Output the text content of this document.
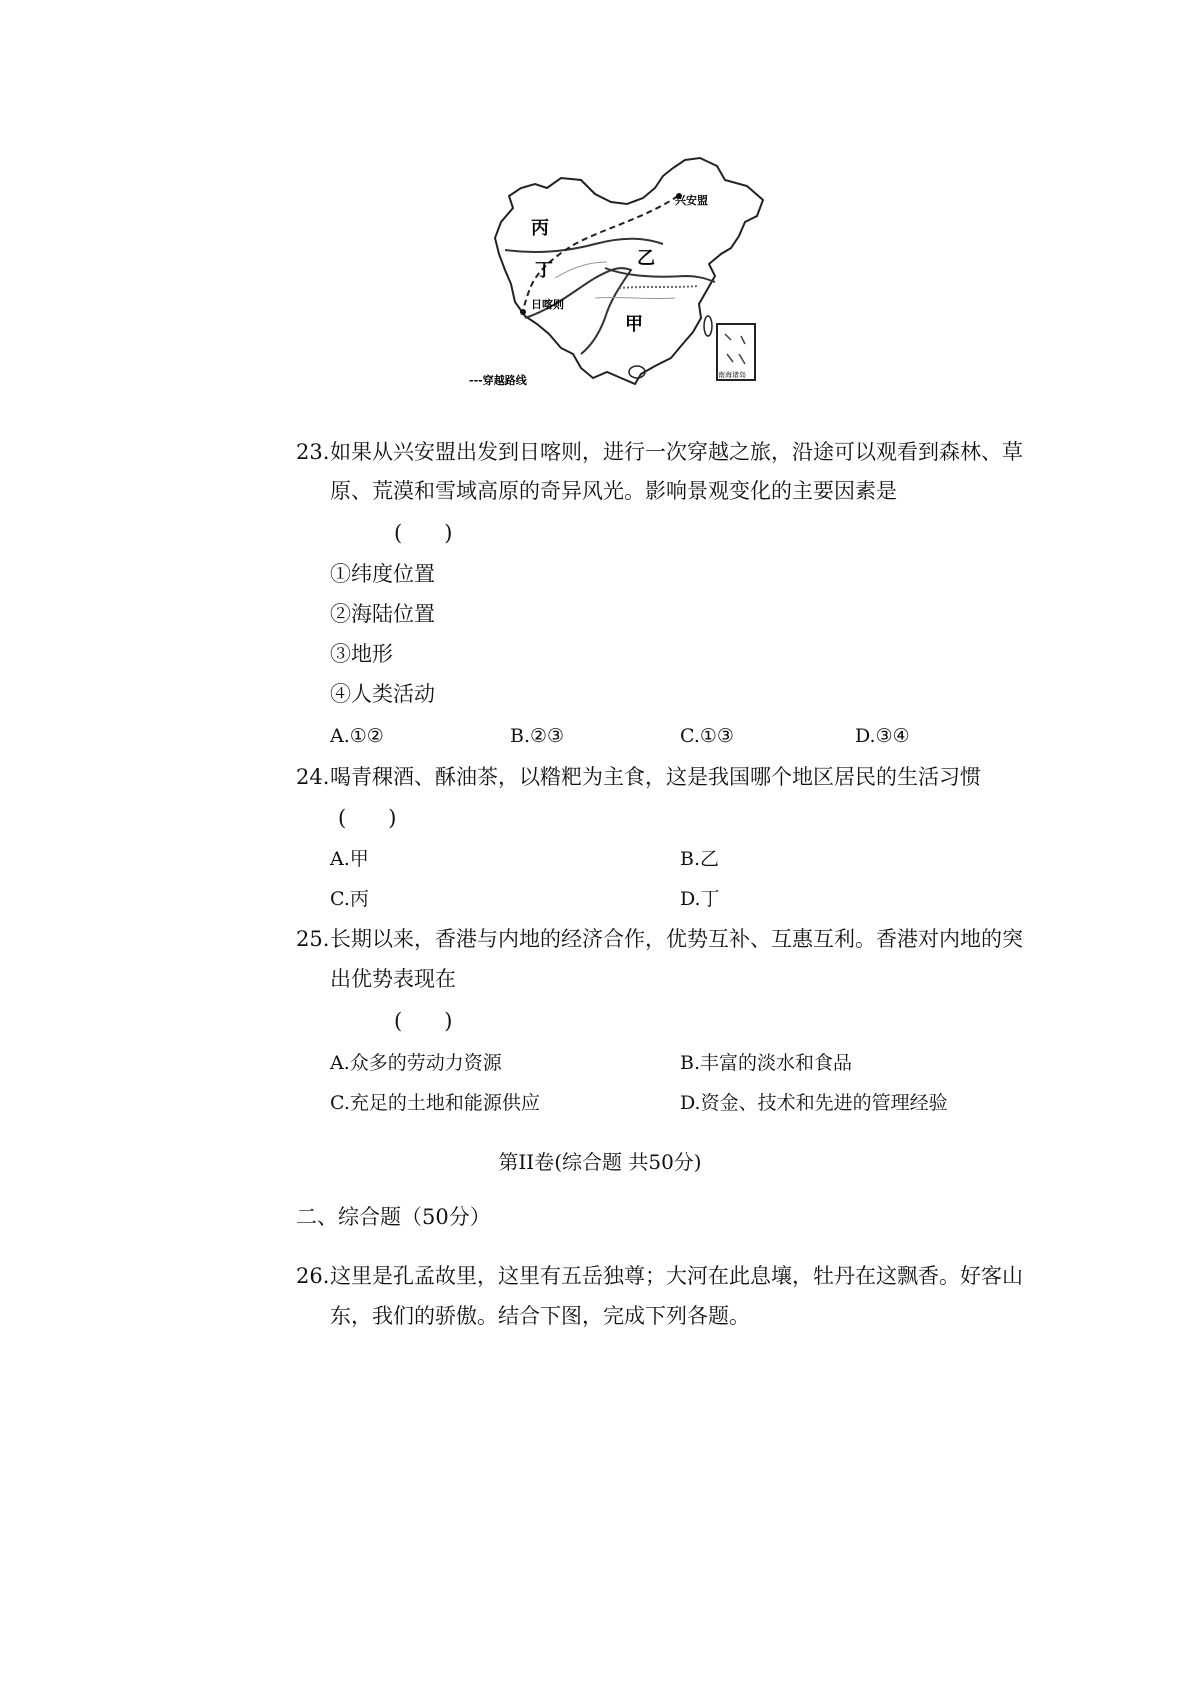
丙
丁
乙
甲
兴安盟
日喀则
---穿越路线	南海诸岛
23. 如果从兴安盟出发到日喀则，进行一次穿越之旅，沿途可以观看到森林、草
原、荒漠和雪域高原的奇异风光。影响景观变化的主要因素是
(　　)
①纬度位置
②海陆位置
③地形
④人类活动
A.①②	B.②③	C.①③	D.③④
24. 喝青稞酒、酥油茶，以糌粑为主食，这是我国哪个地区居民的生活习惯
(　　)
A.甲	B.乙
C.丙	D.丁
25. 长期以来，香港与内地的经济合作，优势互补、互惠互利。香港对内地的突
出优势表现在
(　　)
A.众多的劳动力资源	B.丰富的淡水和食品
C.充足的土地和能源供应	D.资金、技术和先进的管理经验
第II卷(综合题 共50分)
二、综合题（50分）
26. 这里是孔孟故里，这里有五岳独尊；大河在此息壤，牡丹在这飘香。好客山
东，我们的骄傲。结合下图，完成下列各题。
